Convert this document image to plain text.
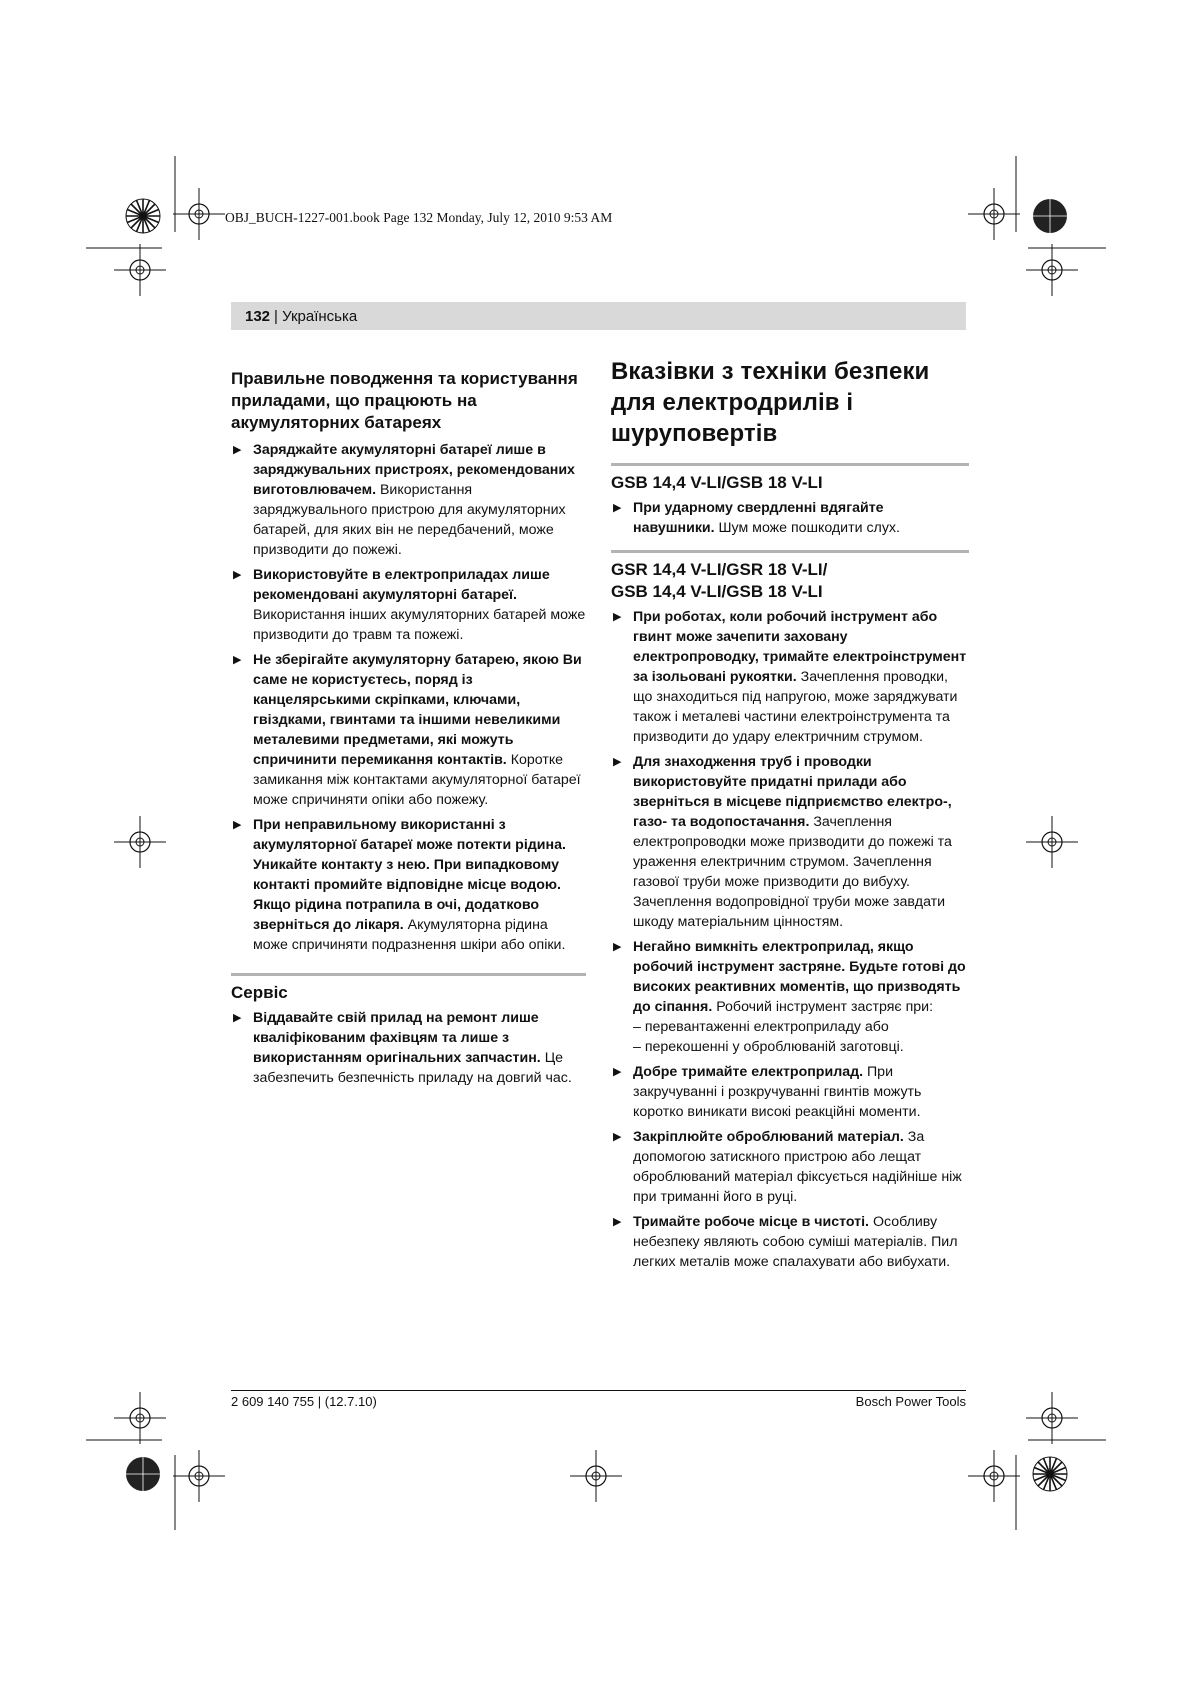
OBJ_BUCH-1227-001.book Page 132 Monday, July 12, 2010 9:53 AM
132 | Українська

Правильне поводження та користування приладами, що працюють на акумуляторних батареях

▶ Заряджайте акумуляторні батареї лише в заряджувальних пристроях, рекомендованих виготовлювачем. Використання заряджувального пристрою для акумуляторних батарей, для яких він не передбачений, може призводити до пожежі.
▶ Використовуйте в електроприладах лише рекомендовані акумуляторні батареї. Використання інших акумуляторних батарей може призводити до травм та пожежі.
▶ Не зберігайте акумуляторну батарею, якою Ви саме не користуєтесь, поряд із канцелярськими скріпками, ключами, гвіздками, гвинтами та іншими невеликими металевими предметами, які можуть спричинити перемикання контактів. Коротке замикання між контактами акумуляторної батареї може спричиняти опіки або пожежу.
▶ При неправильному використанні з акумуляторної батареї може потекти рідина. Уникайте контакту з нею. При випадковому контакті промийте відповідне місце водою. Якщо рідина потрапила в очі, додатково зверніться до лікаря. Акумуляторна рідина може спричиняти подразнення шкіри або опіки.

Сервіс

▶ Віддавайте свій прилад на ремонт лише кваліфікованим фахівцям та лише з використанням оригінальних запчастин. Це забезпечить безпечність приладу на довгий час.

Вказівки з техніки безпеки для електродрилів і шуруповертів

GSB 14,4 V-LI/GSB 18 V-LI

▶ При ударному свердленні вдягайте навушники. Шум може пошкодити слух.

GSR 14,4 V-LI/GSR 18 V-LI/
GSB 14,4 V-LI/GSB 18 V-LI

▶ При роботах, коли робочий інструмент або гвинт може зачепити заховану електропроводку, тримайте електроінструмент за ізольовані рукоятки. Зачеплення проводки, що знаходиться під напругою, може заряджувати також і металеві частини електроінструмента та призводити до удару електричним струмом.
▶ Для знаходження труб і проводки використовуйте придатні прилади або зверніться в місцеве підприємство електро-, газо- та водопостачання. Зачеплення електропроводки може призводити до пожежі та ураження електричним струмом. Зачеплення газової труби може призводити до вибуху. Зачеплення водопровідної труби може завдати шкоду матеріальним цінностям.
▶ Негайно вимкніть електроприлад, якщо робочий інструмент застряне. Будьте готові до високих реактивних моментів, що призводять до сіпання. Робочий інструмент застряє при:
– перевантаженні електроприладу або
– перекошенні у оброблюваній заготовці.
▶ Добре тримайте електроприлад. При закручуванні і розкручуванні гвинтів можуть коротко виникати високі реакційні моменти.
▶ Закріплюйте оброблюваний матеріал. За допомогою затискного пристрою або лещат оброблюваний матеріал фіксується надійніше ніж при триманні його в руці.
▶ Тримайте робоче місце в чистоті. Особливу небезпеку являють собою суміші матеріалів. Пил легких металів може спалахувати або вибухати.
2 609 140 755 | (12.7.10)	Bosch Power Tools
